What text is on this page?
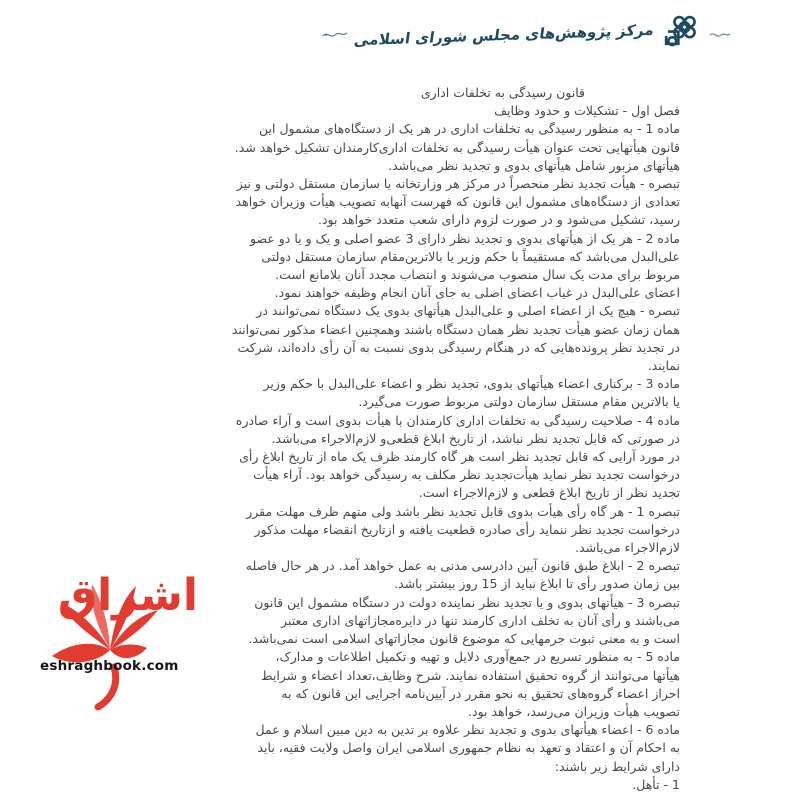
مرکز پژوهش‌های مجلس شورای اسلامی
قانون رسیدگی به تخلفات اداری
فصل اول - تشکیلات و حدود وظایف
ماده 1 - به منظور رسیدگی به تخلفات اداری در هر یک از دستگاه‌های مشمول این
قانون هیأتهایی تحت عنوان هیأت رسیدگی به تخلفات اداری‌کارمندان تشکیل خواهد شد.
هیأتهای مزبور شامل هیأتهای بدوی و تجدید نظر می‌باشد.
تبصره - هیأت تجدید نظر منحصراً در مرکز هر وزارتخانه یا سازمان مستقل دولتی و نیز
تعدادی از دستگاه‌های مشمول این قانون که فهرست آنهابه تصویب هیأت وزیران خواهد
رسید، تشکیل می‌شود و در صورت لزوم دارای شعب متعدد خواهد بود.
ماده 2 - هر یک از هیأتهای بدوی و تجدید نظر دارای 3 عضو اصلی و یک و یا دو عضو
علی‌البدل می‌باشد که مستقیماً با حکم وزیر یا بالاترین‌مقام سازمان مستقل دولتی
مربوط برای مدت یک سال منصوب می‌شوند و انتصاب مجدد آنان بلامانع است.
اعضای علی‌البدل در غیاب اعضای اصلی به جای آنان انجام وظیفه خواهند نمود.
تبصره - هیچ یک از اعضاء اصلی و علی‌البدل هیأتهای بدوی یک دستگاه نمی‌توانند در
همان زمان عضو هیأت تجدید نظر همان دستگاه باشند وهمچنین اعضاء مذکور نمی‌توانند
در تجدید نظر پرونده‌هایی که در هنگام رسیدگی بدوی نسبت به آن رأی داده‌اند، شرکت
نمایند.
ماده 3 - برکناری اعضاء هیأتهای بدوی، تجدید نظر و اعضاء علی‌البدل با حکم وزیر
یا بالاترین مقام مستقل سازمان دولتی مربوط صورت می‌گیرد.
ماده 4 - صلاحیت رسیدگی به تخلفات اداری کارمندان با هیأت بدوی است و آراء صادره
در صورتی که قابل تجدید نظر نباشد، از تاریخ ابلاغ قطعی‌و لازم‌الاجراء می‌باشد.
در مورد آرایی که قابل تجدید نظر است هر گاه کارمند ظرف یک ماه از تاریخ ابلاغ رأی
درخواست تجدید نظر نماید هیأت‌تجدید نظر مکلف به رسیدگی خواهد بود. آراء هیأت
تجدید نظر از تاریخ ابلاغ قطعی و لازم‌الاجراء است.
تبصره 1 - هر گاه رأی هیأت بدوی قابل تجدید نظر باشد ولی متهم ظرف مهلت مقرر
درخواست تجدید نظر ننماید رأی صادره قطعیت یافته و ازتاریخ انقضاء مهلت مذکور
لازم‌الاجراء می‌باشد.
تبصره 2 - ابلاغ طبق قانون آیین دادرسی مدنی به عمل خواهد آمد. در هر حال فاصله
بین زمان صدور رأی تا ابلاغ نباید از 15 روز بیشتر باشد.
تبصره 3 - هیأتهای بدوی و یا تجدید نظر نماینده دولت در دستگاه مشمول این قانون
می‌باشند و رأی آنان به تخلف اداری کارمند تنها در دایره‌مجازاتهای اداری معتبر
است و به معنی ثبوت جرمهایی که موضوع قانون مجازاتهای اسلامی است نمی‌باشد.
ماده 5 - به منظور تسریع در جمع‌آوری دلایل و تهیه و تکمیل اطلاعات و مدارک،
هیأتها می‌توانند از گروه تحقیق استفاده نمایند. شرح وظایف،تعداد اعضاء و شرایط
احراز اعضاء گروه‌های تحقیق به نحو مقرر در آیین‌نامه اجرایی این قانون که به
تصویب هیأت وزیران می‌رسد، خواهد بود.
ماده 6 - اعضاء هیأتهای بدوی و تجدید نظر علاوه بر تدین به دین مبین اسلام و عمل
به احکام آن و اعتقاد و تعهد به نظام جمهوری اسلامی ایران واصل ولایت فقیه، باید
دارای شرایط زیر باشند:
1 - تأهل.
اشراق
eshraghbook.com
